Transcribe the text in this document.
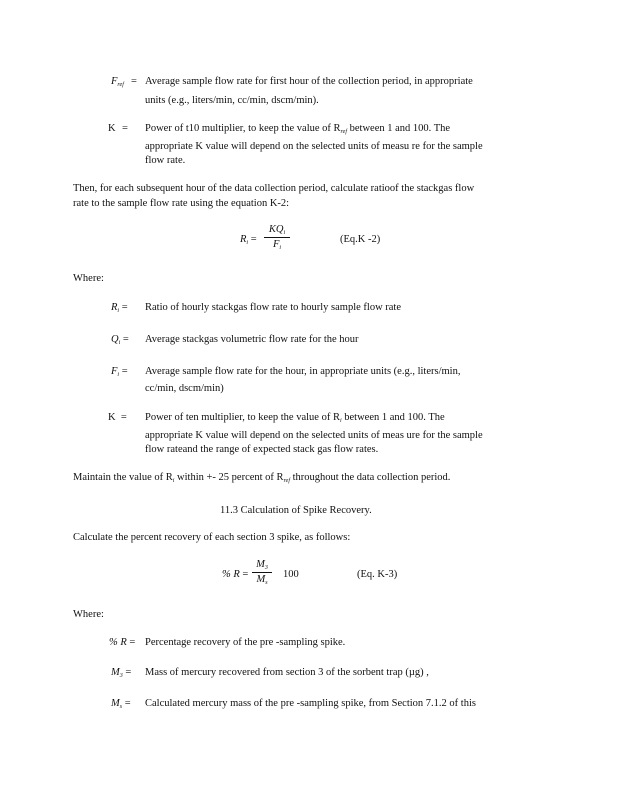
$F_{ref}$ = Average sample flow rate for first hour of the collection period, in appropriate
units (e.g., liters/min, cc/min, dscm/min).
K = Power of t10 multiplier, to keep the value of $R_{ref}$ between 1 and 100. The
appropriate K value will depend on the selected units of measu re for the sample
flow rate.
Then, for each subsequent hour of the data collection period, calculate ratioof the stackgas flow
rate to the sample flow rate using the equation K-2:
$R_i$ =
$KQ_i$
$F_i$
(Eq.K -2)
Where:
$R_i$ = Ratio of hourly stackgas flow rate to hourly sample flow rate
$Q_i$ = Average stackgas volumetric flow rate for the hour
$F_i$ = Average sample flow rate for the hour, in appropriate units (e.g., liters/min,
cc/min, dscm/min)
K  = Power of ten multiplier, to keep the value of $R_i$ between 1 and 100. The
appropriate K value will depend on the selected units of meas ure for the sample
flow rateand the range of expected stack gas flow rates.
Maintain the value of $R_i$ within +- 25 percent of $R_{ref}$ throughout the data collection period.
11.3 Calculation of Spike Recovery.
Calculate the percent recovery of each section 3 spike, as follows:
% R =
$M_3$
$M_s$
100	(Eq. K-3)
Where:
% R = Percentage recovery of the pre -sampling spike.
$M_3$ = Mass of mercury recovered from section 3 of the sorbent trap (µg) ,
$M_s$ = Calculated mercury mass of the pre -sampling spike, from Section 7.1.2 of this
